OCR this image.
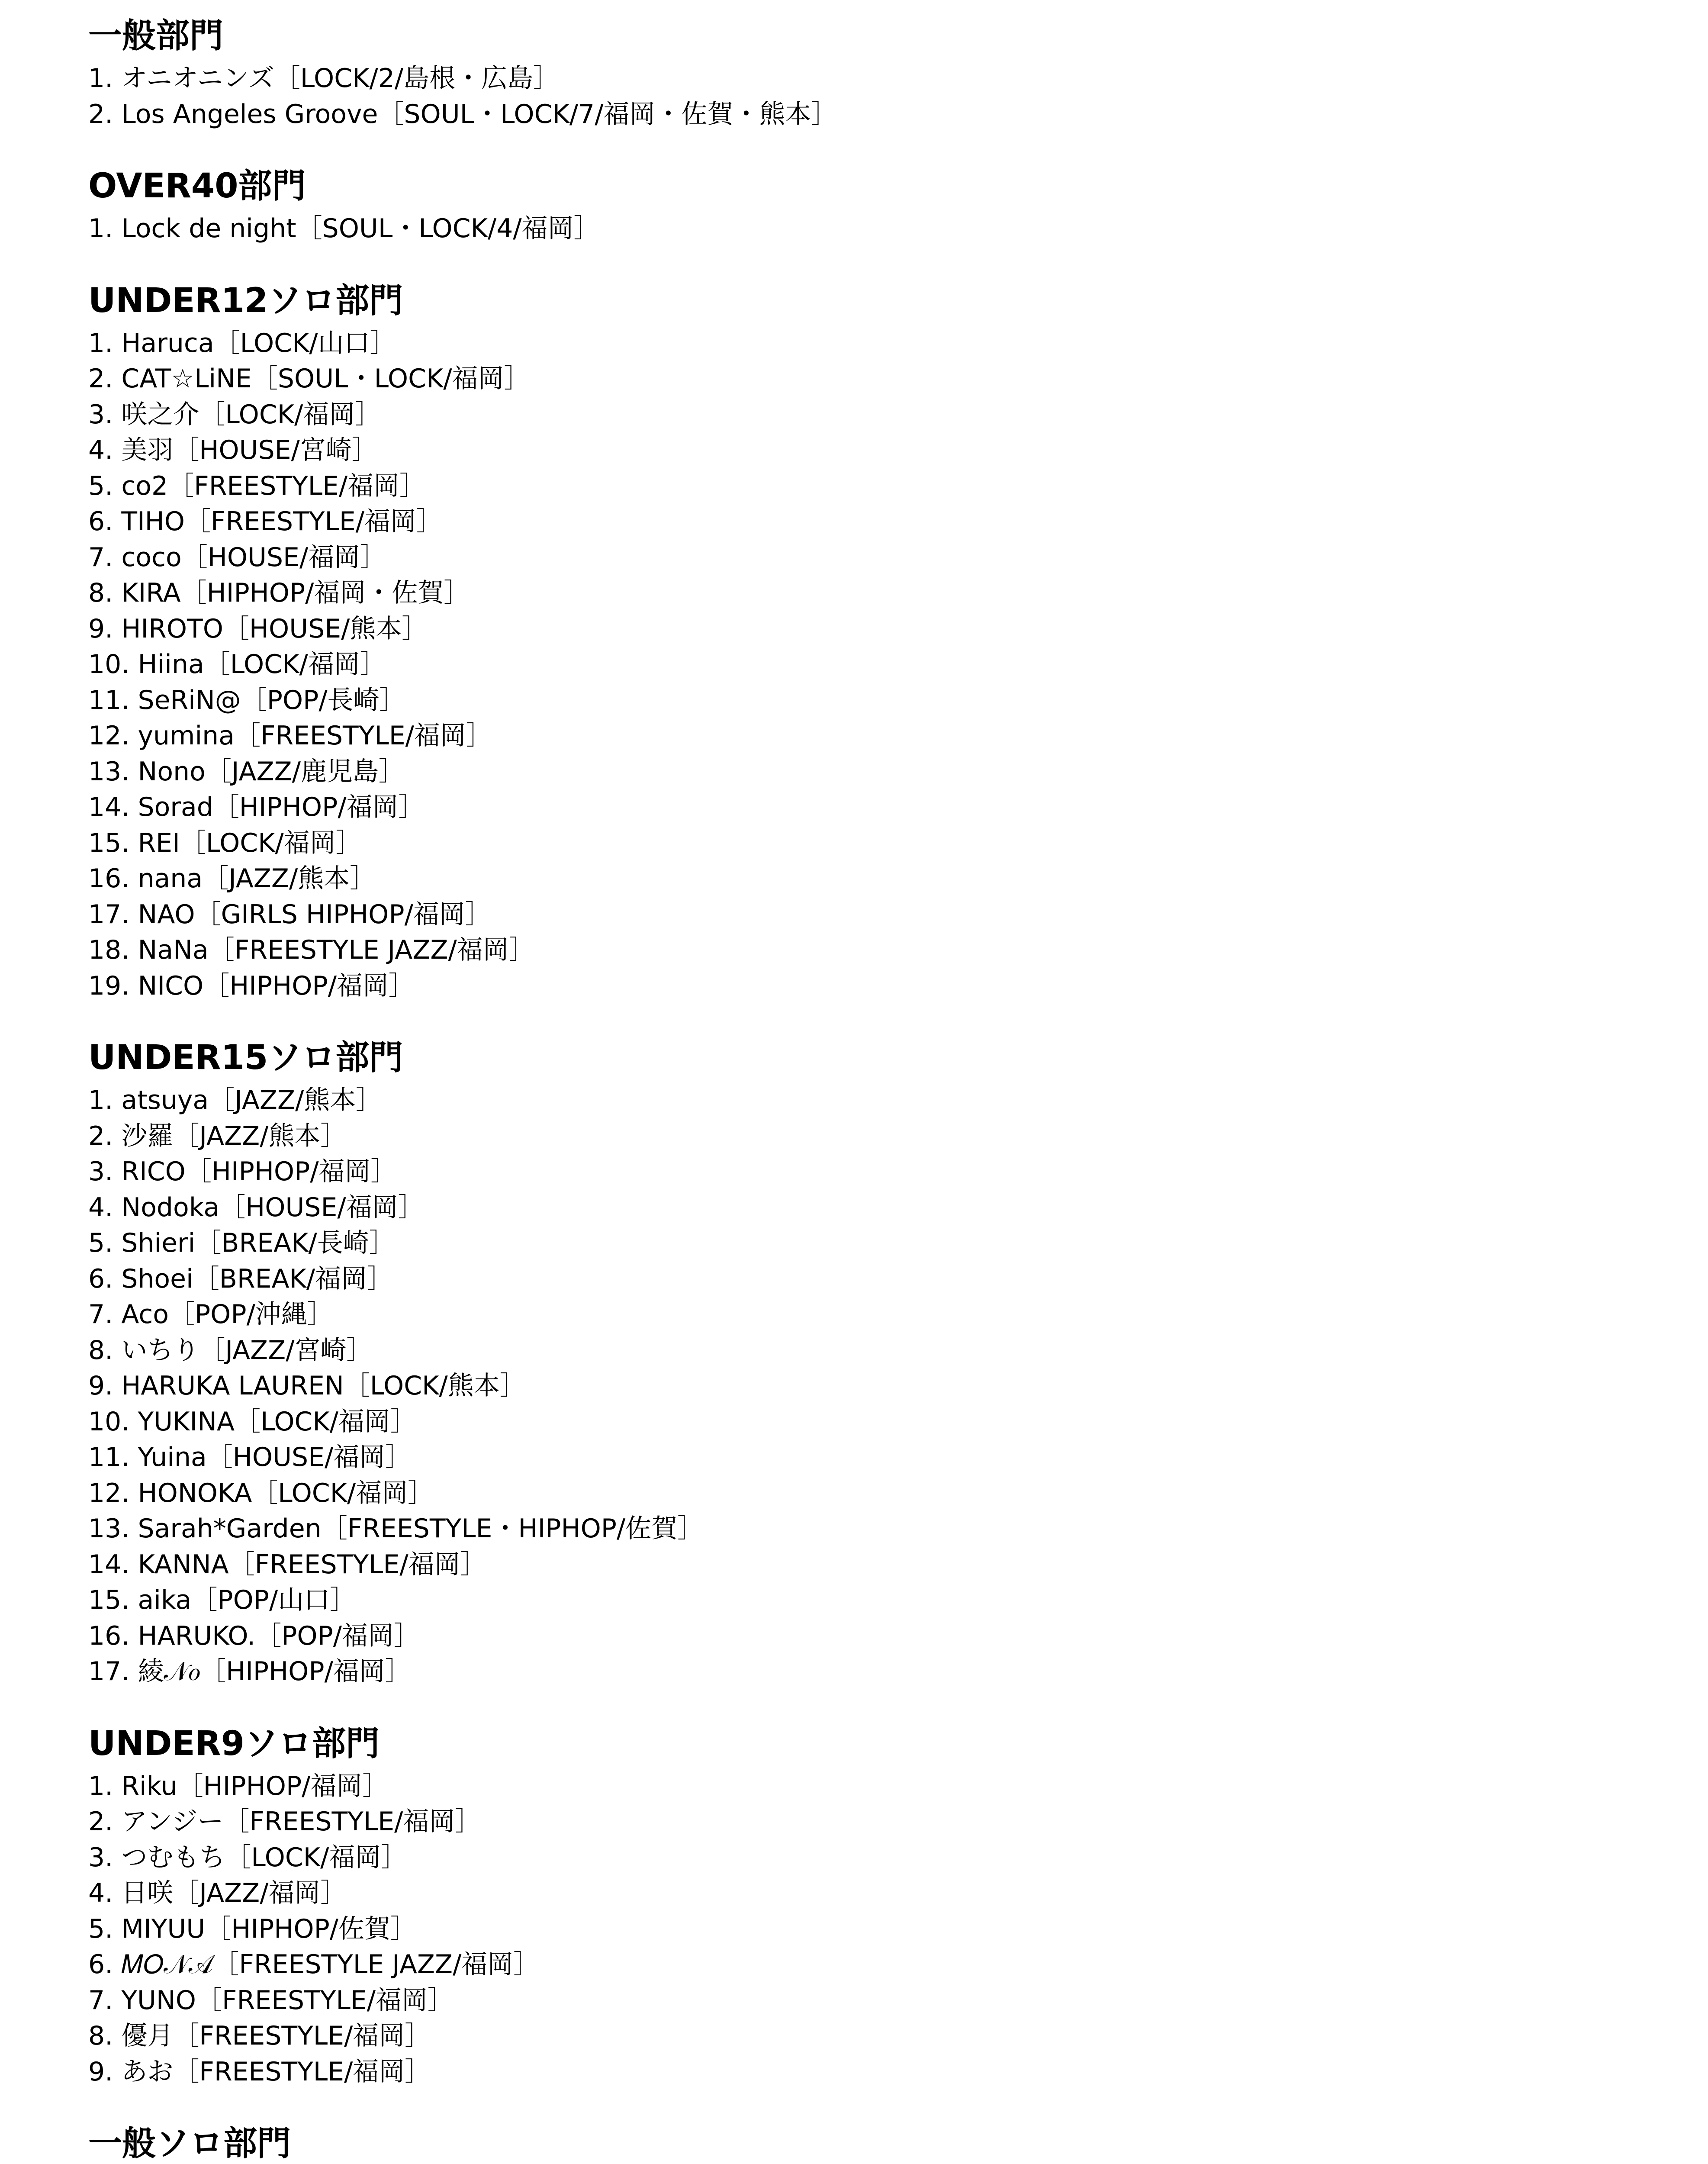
一般部門
1. オニオニンズ［LOCK/2/島根・広島］
2. Los Angeles Groove［SOUL・LOCK/7/福岡・佐賀・熊本］
OVER40部門
1. Lock de night［SOUL・LOCK/4/福岡］
UNDER12ソロ部門
1. Haruca［LOCK/山口］
2. CAT☆LiNE［SOUL・LOCK/福岡］
3. 咲之介［LOCK/福岡］
4. 美羽［HOUSE/宮崎］
5. co2［FREESTYLE/福岡］
6. TIHO［FREESTYLE/福岡］
7. coco［HOUSE/福岡］
8. KIRA［HIPHOP/福岡・佐賀］
9. HIROTO［HOUSE/熊本］
10. Hiina［LOCK/福岡］
11. SeRiN@［POP/長崎］
12. yumina［FREESTYLE/福岡］
13. Nono［JAZZ/鹿児島］
14. Sorad［HIPHOP/福岡］
15. REI［LOCK/福岡］
16. nana［JAZZ/熊本］
17. NAO［GIRLS HIPHOP/福岡］
18. NaNa［FREESTYLE JAZZ/福岡］
19. NICO［HIPHOP/福岡］
UNDER15ソロ部門
1. atsuya［JAZZ/熊本］
2. 沙羅［JAZZ/熊本］
3. RICO［HIPHOP/福岡］
4. Nodoka［HOUSE/福岡］
5. Shieri［BREAK/長崎］
6. Shoei［BREAK/福岡］
7. Aco［POP/沖縄］
8. いちり［JAZZ/宮崎］
9. HARUKA LAUREN［LOCK/熊本］
10. YUKINA［LOCK/福岡］
11. Yuina［HOUSE/福岡］
12. HONOKA［LOCK/福岡］
13. Sarah*Garden［FREESTYLE・HIPHOP/佐賀］
14. KANNA［FREESTYLE/福岡］
15. aika［POP/山口］
16. HARUKO.［POP/福岡］
17. 綾𝒩𝑜［HIPHOP/福岡］
UNDER9ソロ部門
1. Riku［HIPHOP/福岡］
2. アンジー［FREESTYLE/福岡］
3. つむもち［LOCK/福岡］
4. 日咲［JAZZ/福岡］
5. MIYUU［HIPHOP/佐賀］
6. 𝑀𝑂𝒩𝒜［FREESTYLE JAZZ/福岡］
7. YUNO［FREESTYLE/福岡］
8. 優月［FREESTYLE/福岡］
9. あお［FREESTYLE/福岡］
一般ソロ部門
